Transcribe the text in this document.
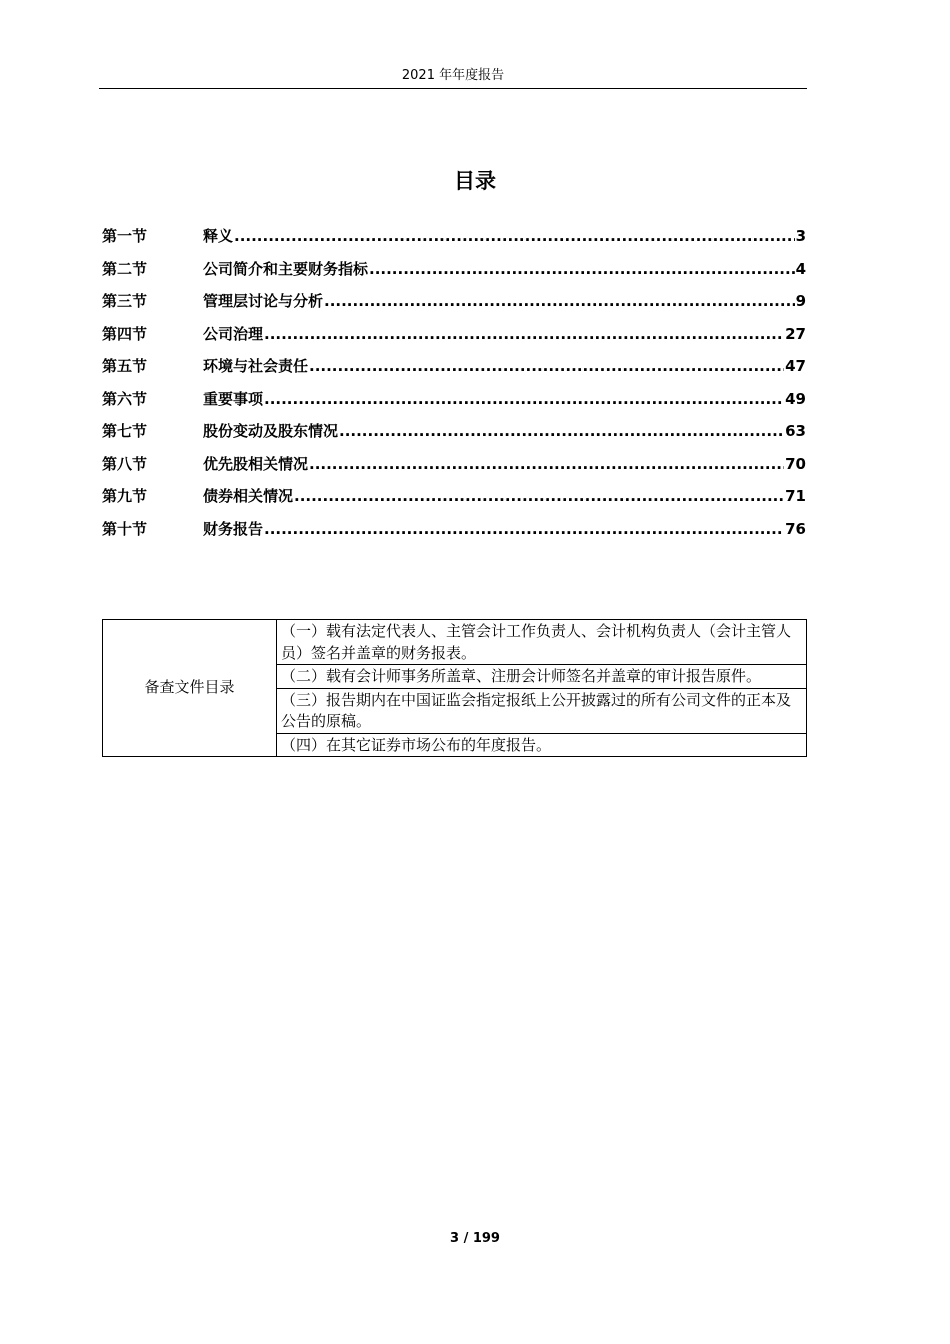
2021 年年度报告
目录
第一节	释义 .....	3
第二节	公司简介和主要财务指标 .....	4
第三节	管理层讨论与分析 .....	9
第四节	公司治理 .....	27
第五节	环境与社会责任 .....	47
第六节	重要事项 .....	49
第七节	股份变动及股东情况 .....	63
第八节	优先股相关情况 .....	70
第九节	债券相关情况 .....	71
第十节	财务报告 .....	76
备查文件目录	（一）载有法定代表人、主管会计工作负责人、会计机构负责人（会计主管人员）签名并盖章的财务报表。
（二）载有会计师事务所盖章、注册会计师签名并盖章的审计报告原件。
（三）报告期内在中国证监会指定报纸上公开披露过的所有公司文件的正本及公告的原稿。
（四）在其它证券市场公布的年度报告。
3 / 199
